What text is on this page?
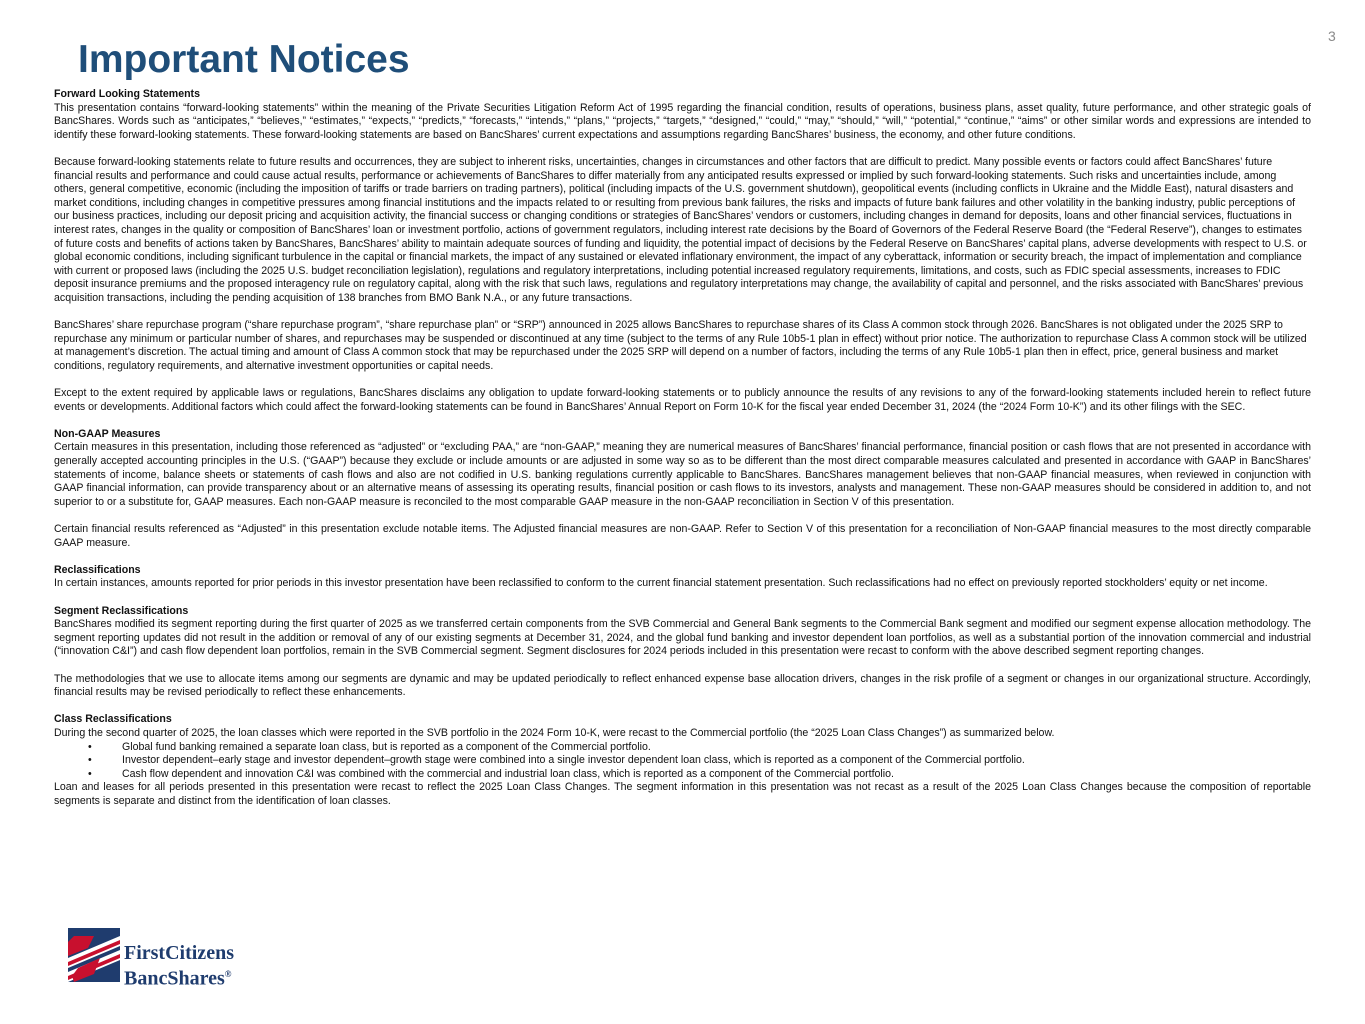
3
Important Notices

Forward Looking Statements

This presentation contains “forward-looking statements” within the meaning of the Private Securities Litigation Reform Act of 1995 regarding the financial condition, results of operations, business plans, asset quality, future performance, and other strategic goals of BancShares. Words such as “anticipates,” “believes,” “estimates,” “expects,” “predicts,” “forecasts,” “intends,” “plans,” “projects,” “targets,” “designed,” “could,” “may,” “should,” “will,” “potential,” “continue,” “aims” or other similar words and expressions are intended to identify these forward-looking statements. These forward-looking statements are based on BancShares’ current expectations and assumptions regarding BancShares’ business, the economy, and other future conditions.

Because forward-looking statements relate to future results and occurrences, they are subject to inherent risks, uncertainties, changes in circumstances and other factors that are difficult to predict. Many possible events or factors could affect BancShares’ future financial results and performance and could cause actual results, performance or achievements of BancShares to differ materially from any anticipated results expressed or implied by such forward-looking statements. Such risks and uncertainties include, among others, general competitive, economic (including the imposition of tariffs or trade barriers on trading partners), political (including impacts of the U.S. government shutdown), geopolitical events (including conflicts in Ukraine and the Middle East), natural disasters and market conditions, including changes in competitive pressures among financial institutions and the impacts related to or resulting from previous bank failures, the risks and impacts of future bank failures and other volatility in the banking industry, public perceptions of our business practices, including our deposit pricing and acquisition activity, the financial success or changing conditions or strategies of BancShares’ vendors or customers, including changes in demand for deposits, loans and other financial services, fluctuations in interest rates, changes in the quality or composition of BancShares’ loan or investment portfolio, actions of government regulators, including interest rate decisions by the Board of Governors of the Federal Reserve Board (the “Federal Reserve”), changes to estimates of future costs and benefits of actions taken by BancShares, BancShares’ ability to maintain adequate sources of funding and liquidity, the potential impact of decisions by the Federal Reserve on BancShares’ capital plans, adverse developments with respect to U.S. or global economic conditions, including significant turbulence in the capital or financial markets, the impact of any sustained or elevated inflationary environment, the impact of any cyberattack, information or security breach, the impact of implementation and compliance with current or proposed laws (including the 2025 U.S. budget reconciliation legislation), regulations and regulatory interpretations, including potential increased regulatory requirements, limitations, and costs, such as FDIC special assessments, increases to FDIC deposit insurance premiums and the proposed interagency rule on regulatory capital, along with the risk that such laws, regulations and regulatory interpretations may change, the availability of capital and personnel, and the risks associated with BancShares’ previous acquisition transactions, including the pending acquisition of 138 branches from BMO Bank N.A., or any future transactions.

BancShares’ share repurchase program (“share repurchase program”, “share repurchase plan” or “SRP”) announced in 2025 allows BancShares to repurchase shares of its Class A common stock through 2026. BancShares is not obligated under the 2025 SRP to repurchase any minimum or particular number of shares, and repurchases may be suspended or discontinued at any time (subject to the terms of any Rule 10b5-1 plan in effect) without prior notice. The authorization to repurchase Class A common stock will be utilized at management’s discretion. The actual timing and amount of Class A common stock that may be repurchased under the 2025 SRP will depend on a number of factors, including the terms of any Rule 10b5-1 plan then in effect, price, general business and market conditions, regulatory requirements, and alternative investment opportunities or capital needs.

Except to the extent required by applicable laws or regulations, BancShares disclaims any obligation to update forward-looking statements or to publicly announce the results of any revisions to any of the forward-looking statements included herein to reflect future events or developments. Additional factors which could affect the forward-looking statements can be found in BancShares’ Annual Report on Form 10-K for the fiscal year ended December 31, 2024 (the “2024 Form 10-K”) and its other filings with the SEC.

Non-GAAP Measures

Certain measures in this presentation, including those referenced as “adjusted” or “excluding PAA,” are “non-GAAP,” meaning they are numerical measures of BancShares’ financial performance, financial position or cash flows that are not presented in accordance with generally accepted accounting principles in the U.S. (“GAAP”) because they exclude or include amounts or are adjusted in some way so as to be different than the most direct comparable measures calculated and presented in accordance with GAAP in BancShares’ statements of income, balance sheets or statements of cash flows and also are not codified in U.S. banking regulations currently applicable to BancShares. BancShares management believes that non-GAAP financial measures, when reviewed in conjunction with GAAP financial information, can provide transparency about or an alternative means of assessing its operating results, financial position or cash flows to its investors, analysts and management. These non-GAAP measures should be considered in addition to, and not superior to or a substitute for, GAAP measures. Each non-GAAP measure is reconciled to the most comparable GAAP measure in the non-GAAP reconciliation in Section V of this presentation.

Certain financial results referenced as “Adjusted” in this presentation exclude notable items. The Adjusted financial measures are non-GAAP. Refer to Section V of this presentation for a reconciliation of Non-GAAP financial measures to the most directly comparable GAAP measure.

Reclassifications

In certain instances, amounts reported for prior periods in this investor presentation have been reclassified to conform to the current financial statement presentation. Such reclassifications had no effect on previously reported stockholders’ equity or net income.

Segment Reclassifications

BancShares modified its segment reporting during the first quarter of 2025 as we transferred certain components from the SVB Commercial and General Bank segments to the Commercial Bank segment and modified our segment expense allocation methodology. The segment reporting updates did not result in the addition or removal of any of our existing segments at December 31, 2024, and the global fund banking and investor dependent loan portfolios, as well as a substantial portion of the innovation commercial and industrial (“innovation C&I”) and cash flow dependent loan portfolios, remain in the SVB Commercial segment. Segment disclosures for 2024 periods included in this presentation were recast to conform with the above described segment reporting changes.

The methodologies that we use to allocate items among our segments are dynamic and may be updated periodically to reflect enhanced expense base allocation drivers, changes in the risk profile of a segment or changes in our organizational structure. Accordingly, financial results may be revised periodically to reflect these enhancements.

Class Reclassifications

During the second quarter of 2025, the loan classes which were reported in the SVB portfolio in the 2024 Form 10-K, were recast to the Commercial portfolio (the “2025 Loan Class Changes”) as summarized below.

•	Global fund banking remained a separate loan class, but is reported as a component of the Commercial portfolio.
•	Investor dependent–early stage and investor dependent–growth stage were combined into a single investor dependent loan class, which is reported as a component of the Commercial portfolio.
•	Cash flow dependent and innovation C&I was combined with the commercial and industrial loan class, which is reported as a component of the Commercial portfolio.

Loan and leases for all periods presented in this presentation were recast to reflect the 2025 Loan Class Changes. The segment information in this presentation was not recast as a result of the 2025 Loan Class Changes because the composition of reportable segments is separate and distinct from the identification of loan classes.

FirstCitizens
BancShares®
